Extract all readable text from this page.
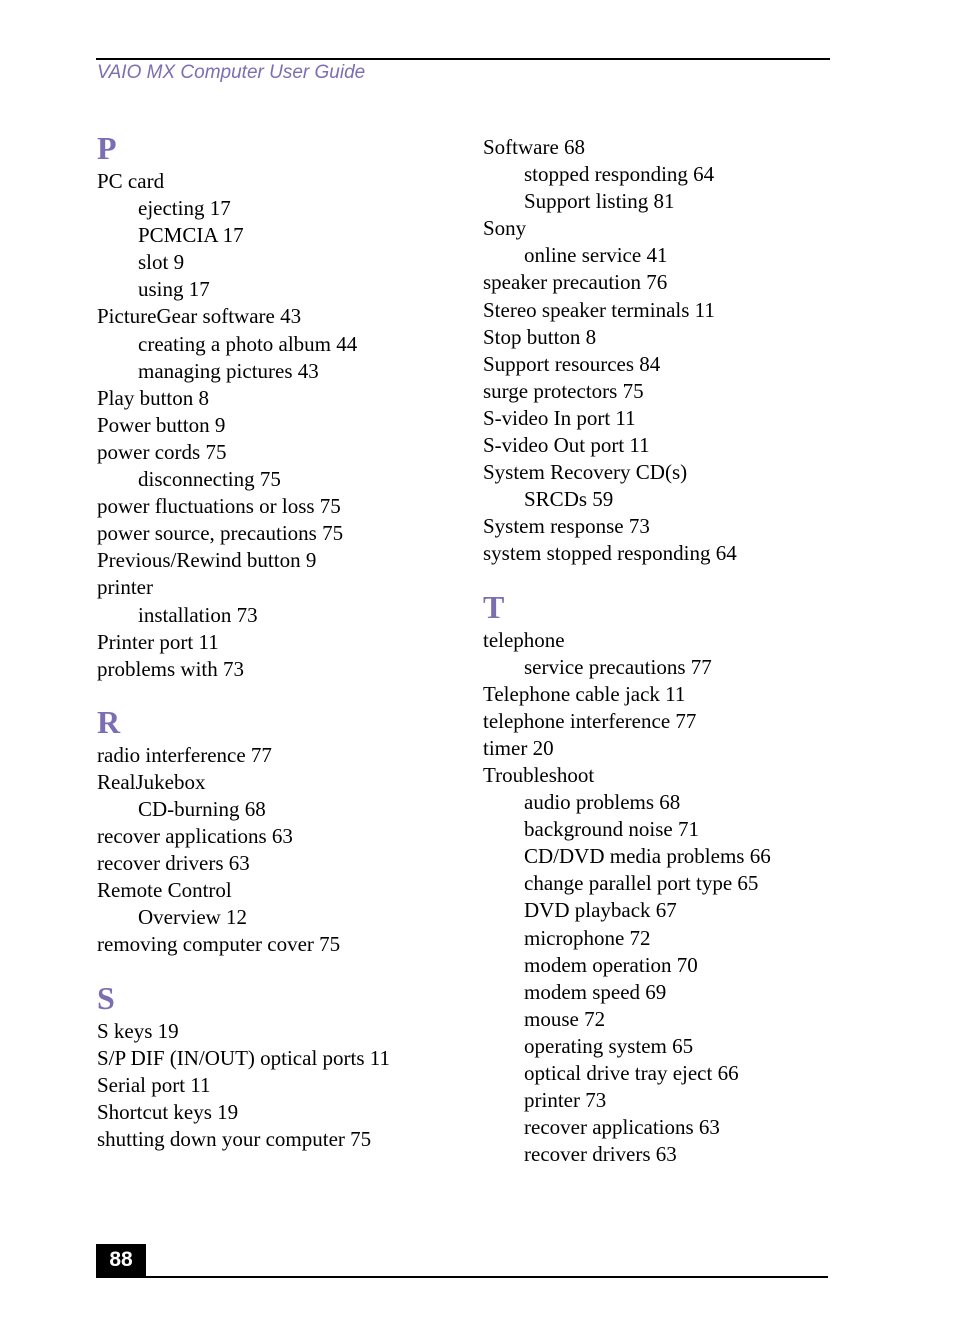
VAIO MX Computer User Guide
P
PC card
ejecting 17
PCMCIA 17
slot 9
using 17
PictureGear software 43
creating a photo album 44
managing pictures 43
Play button 8
Power button 9
power cords 75
disconnecting 75
power fluctuations or loss 75
power source, precautions 75
Previous/Rewind button 9
printer
installation 73
Printer port 11
problems with 73
R
radio interference 77
RealJukebox
CD-burning 68
recover applications 63
recover drivers 63
Remote Control
Overview 12
removing computer cover 75
S
S keys 19
S/P DIF (IN/OUT) optical ports 11
Serial port 11
Shortcut keys 19
shutting down your computer 75
Software 68
stopped responding 64
Support listing 81
Sony
online service 41
speaker precaution 76
Stereo speaker terminals 11
Stop button 8
Support resources 84
surge protectors 75
S-video In port 11
S-video Out port 11
System Recovery CD(s)
SRCDs 59
System response 73
system stopped responding 64
T
telephone
service precautions 77
Telephone cable jack 11
telephone interference 77
timer 20
Troubleshoot
audio problems 68
background noise 71
CD/DVD media problems 66
change parallel port type 65
DVD playback 67
microphone 72
modem operation 70
modem speed 69
mouse 72
operating system 65
optical drive tray eject 66
printer 73
recover applications 63
recover drivers 63
88
